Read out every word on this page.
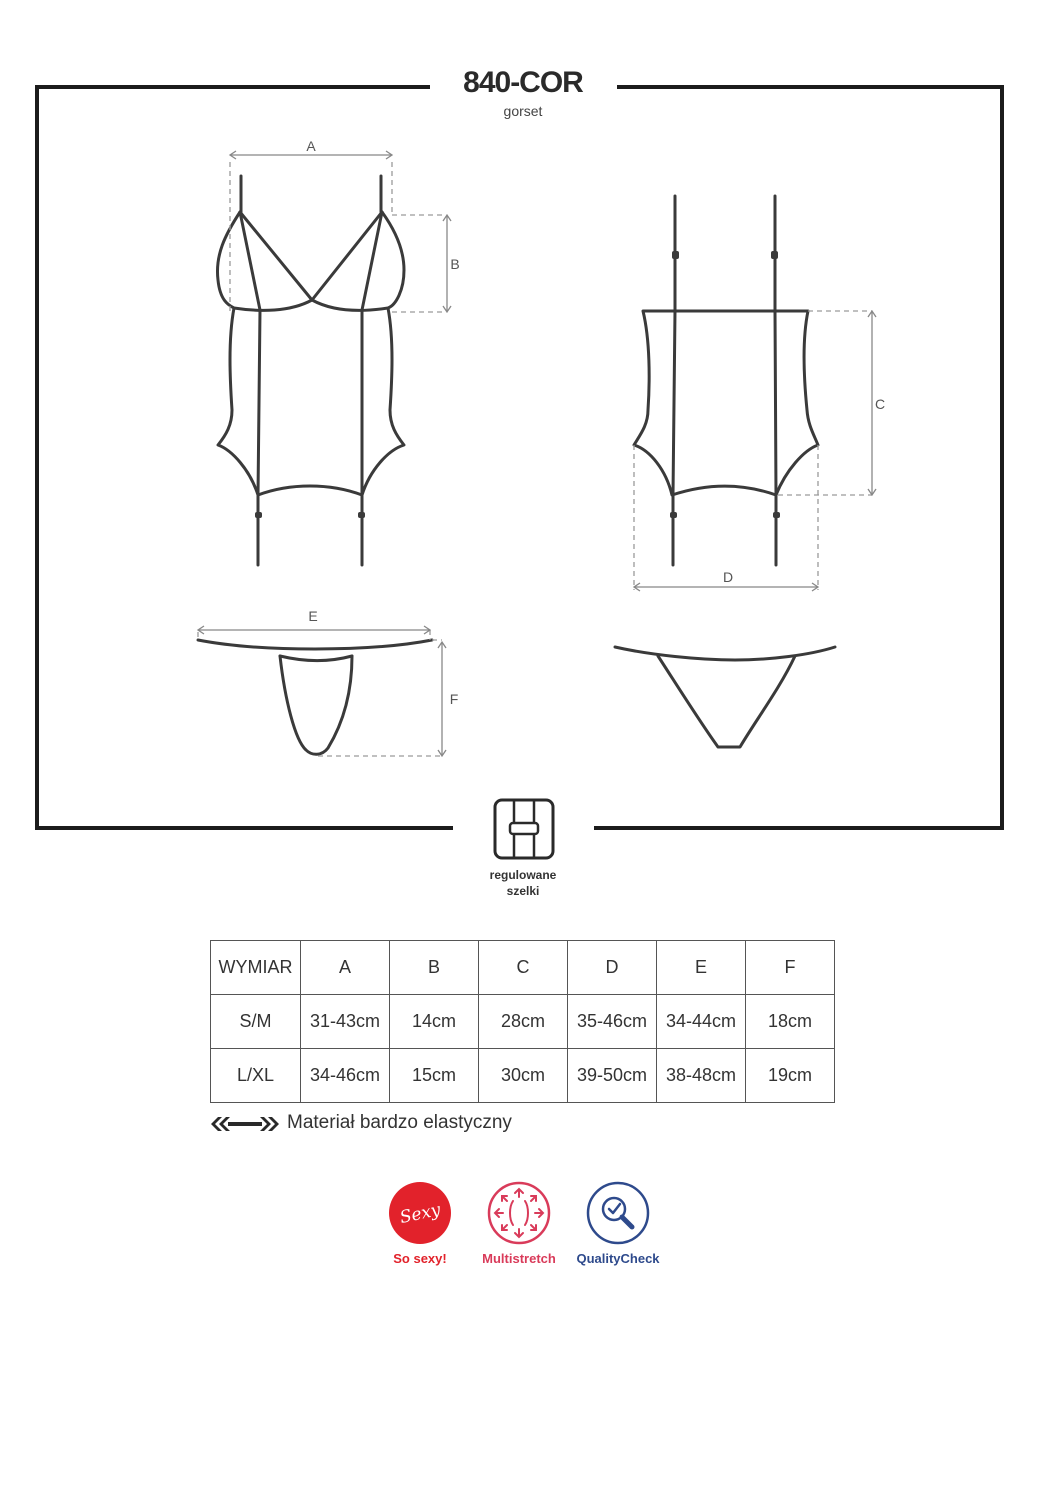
840-COR
gorset
A
B
C
D
E
F
regulowane
szelki
WYMIAR	A	B	C	D	E	F
S/M	31-43cm	14cm	28cm	35-46cm	34-44cm	18cm
L/XL	34-46cm	15cm	30cm	39-50cm	38-48cm	19cm
Materiał bardzo elastyczny
Sexy
So sexy!	Multistretch	QualityCheck
